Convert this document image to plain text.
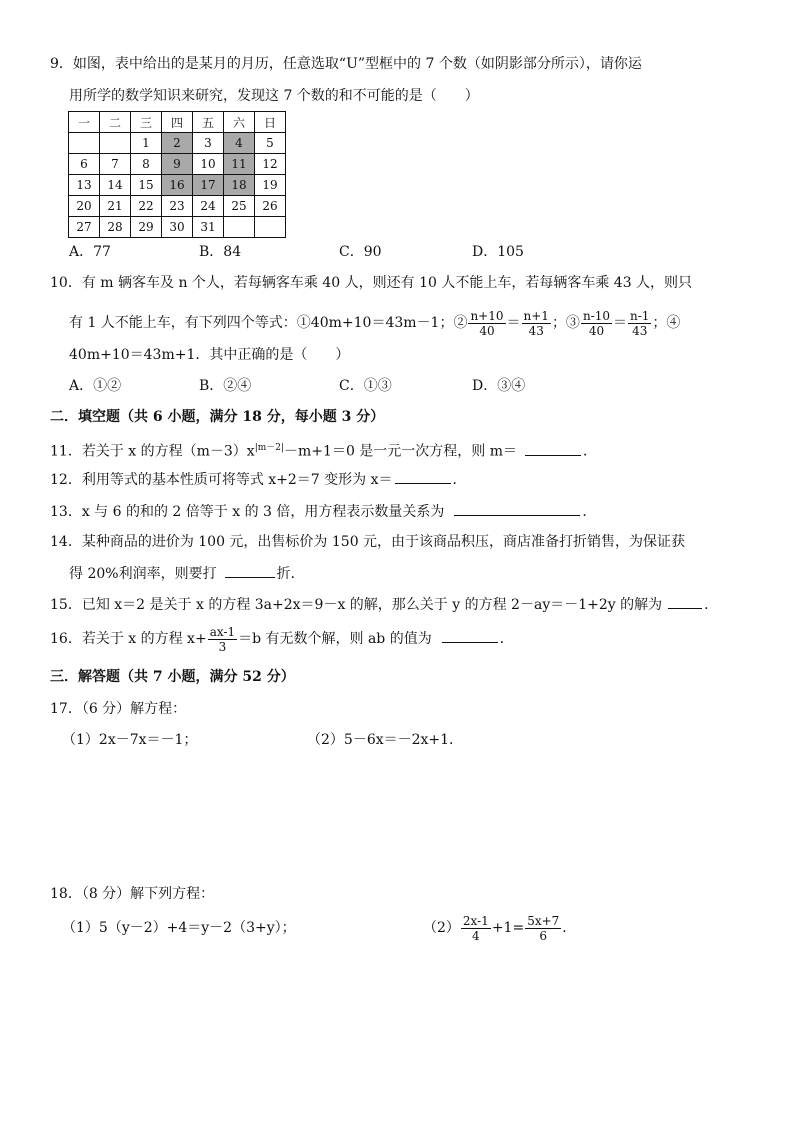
9．如图，表中给出的是某月的月历，任意选取“U”型框中的 7 个数（如阴影部分所示），请你运
用所学的数学知识来研究，发现这 7 个数的和不可能的是（　　）
一	二	三	四	五	六	日
		1	2	3	4	5
6	7	8	9	10	11	12
13	14	15	16	17	18	19
20	21	22	23	24	25	26
27	28	29	30	31		
A．77	B．84	C．90	D．105
10．有 m 辆客车及 n 个人，若每辆客车乘 40 人，则还有 10 人不能上车，若每辆客车乘 43 人，则只
有 1 人不能上车，有下列四个等式：①40m+10＝43m－1；② $\frac{n+10}{40} = \frac{n+1}{43}$ ；③ $\frac{n-10}{40} = \frac{n-1}{43}$ ；④
40m+10＝43m+1．其中正确的是（　　）
A．①②	B．②④	C．①③	D．③④
二．填空题（共 6 小题，满分 18 分，每小题 3 分）
11．若关于 x 的方程$(m-3)x^{|m-2|}-m+1=0$ 是一元一次方程，则 m＝	．
12．利用等式的基本性质可将等式 x+2＝7 变形为 x＝	．
13．x 与 6 的和的 2 倍等于 x 的 3 倍，用方程表示数量关系为	．
14．某种商品的进价为 100 元，出售标价为 150 元，由于该商品积压，商店准备打折销售，为保证获
得 20%利润率，则要打	折．
15．已知 x＝2 是关于 x 的方程 3a+2x＝9－x 的解，那么关于 y 的方程 2－ay＝－1+2y 的解为	．
16．若关于 x 的方程 $x+ \frac{ax-1}{3} =b$ 有无数个解，则 ab 的值为	．
三．解答题（共 7 小题，满分 52 分）
17．（6 分）解方程：
（1）2x－7x＝－1；	（2）5－6x＝－2x+1．
18．（8 分）解下列方程：
（1）5（y－2）+4＝y－2（3+y）；	$(2) \frac{2x-1}{4} +1= \frac{5x+7}{6}$ ．
